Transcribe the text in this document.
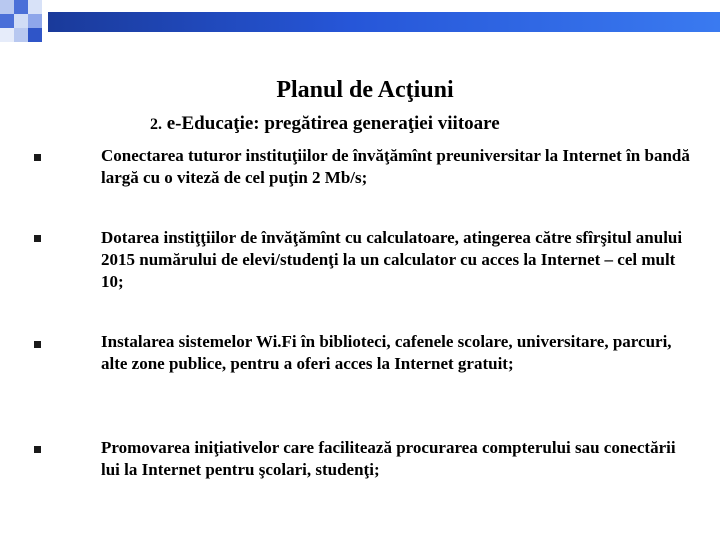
Planul de Acţiuni
2. e-Educaţie: pregătirea generaţiei viitoare
Conectarea tuturor instituţiilor de învăţămînt preuniversitar la Internet în bandă largă cu o viteză de cel puţin 2 Mb/s;
Dotarea instiţţiilor de învăţămînt cu calculatoare, atingerea către sfîrşitul anului 2015 numărului de elevi/studenţi la un calculator cu acces la Internet – cel mult 10;
Instalarea sistemelor Wi.Fi în biblioteci, cafenele scolare, universitare, parcuri, alte zone publice, pentru a oferi acces la Internet gratuit;
Promovarea iniţiativelor care facilitează procurarea compterului sau conectării lui la Internet pentru şcolari, studenţi;
